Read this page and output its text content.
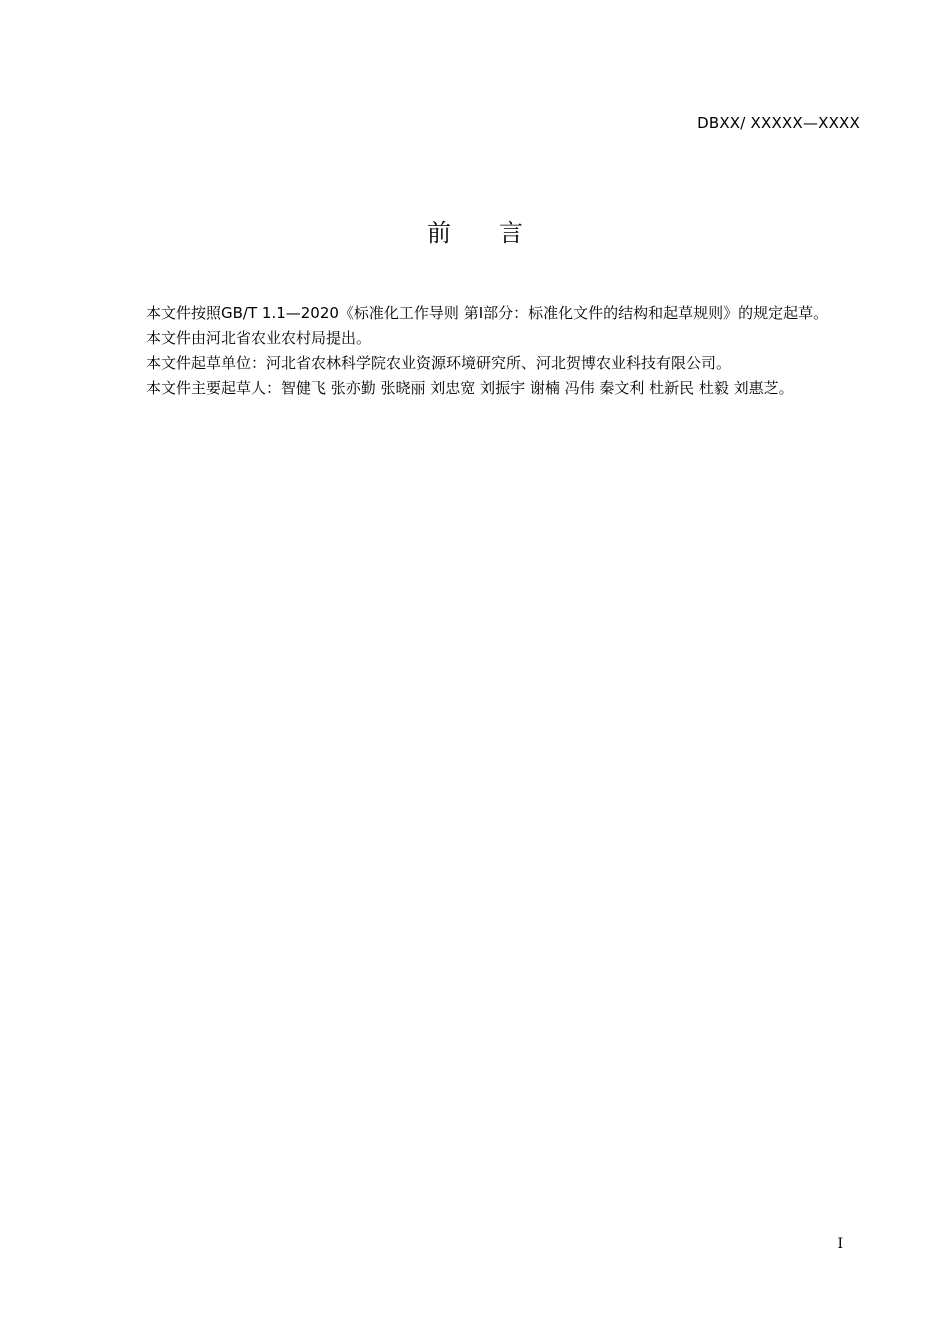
DBXX/ XXXXX—XXXX
前　　言

本文件按照GB/T 1.1—2020《标准化工作导则 第Ⅰ部分：标准化文件的结构和起草规则》的规定起草。

本文件由河北省农业农村局提出。

本文件起草单位：河北省农林科学院农业资源环境研究所、河北贺博农业科技有限公司。

本文件主要起草人：智健飞 张亦勤 张晓丽 刘忠宽 刘振宇 谢楠 冯伟 秦文利 杜新民 杜毅 刘惠芝。

I
